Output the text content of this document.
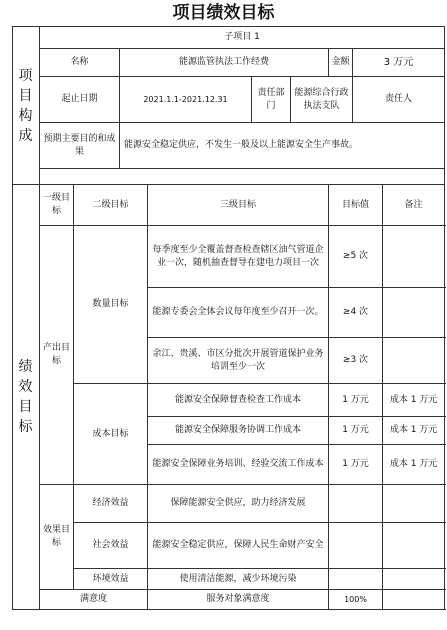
项目绩效目标
项目构成	子项目 1									
	名称		能源监管执法工作经费				金额	3 万元		
	起止日期		2021.1.1-2021.12.31		责任部门	能源综合行政执法支队		责任人		
	预期主要目的和成果		能源安全稳定供应，不发生一般及以上能源安全生产事故。							

绩效目标	一级目标	二级目标		三级目标			目标值		备注	
	产出目标	数量目标		每季度至少全覆盖督查检查辖区油气管道企业一次，随机抽查督导在建电力项目一次			≥5 次			
				能源专委会全体会议每年度至少召开一次。			≥4 次			
				余江、贵溪、市区分批次开展管道保护业务培训至少一次			≥3 次			
		成本目标		能源安全保障督查检查工作成本			1 万元		成本 1 万元	
				能源安全保障服务协调工作成本			1 万元		成本 1 万元	
				能源安全保障业务培训、经验交流工作成本			1 万元		成本 1 万元	
	效果目标	经济效益		保障能源安全供应，助力经济发展						
		社会效益		能源安全稳定供应，保障人民生命财产安全						
		环境效益		使用清洁能源，减少环境污染						
	满意度			服务对象满意度			100%			
